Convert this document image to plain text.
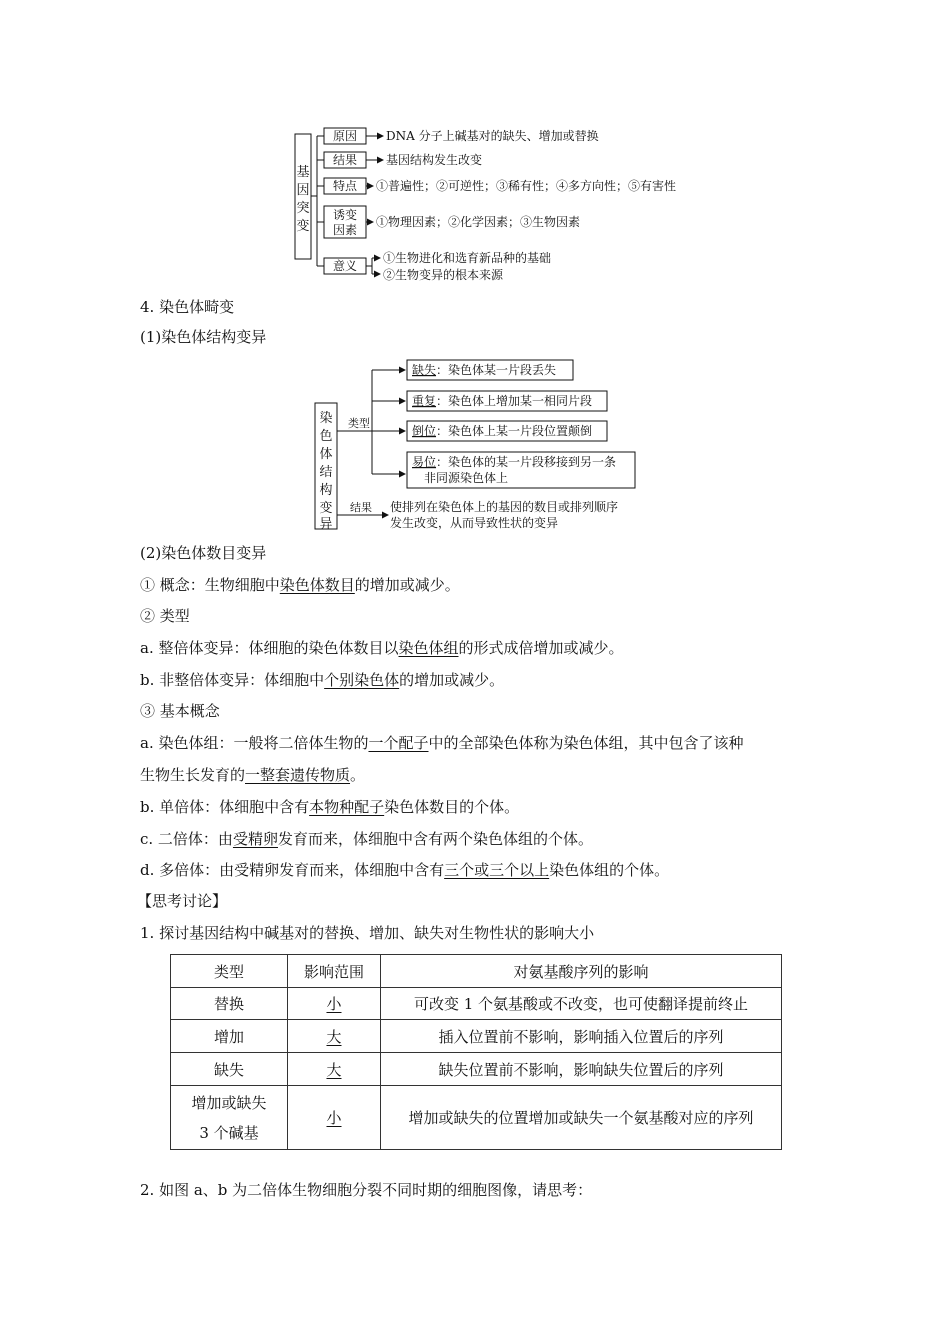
基
因
突
变
原因 DNA 分子上碱基对的缺失、增加或替换
结果 基因结构发生改变
特点 ①普遍性；②可逆性；③稀有性；④多方向性；⑤有害性
诱变
因素
①物理因素；②化学因素；③生物因素
意义
①生物进化和选育新品种的基础
②生物变异的根本来源
4. 染色体畸变
(1)染色体结构变异
染
色
体
结
构
变
异
类型
缺失：染色体某一片段丢失
重复：染色体上增加某一相同片段
倒位：染色体上某一片段位置颠倒
易位：染色体的某一片段移接到另一条
非同源染色体上
结果 使排列在染色体上的基因的数目或排列顺序
发生改变，从而导致性状的变异
(2)染色体数目变异
① 概念：生物细胞中染色体数目的增加或减少。
② 类型
a. 整倍体变异：体细胞的染色体数目以染色体组的形式成倍增加或减少。
b. 非整倍体变异：体细胞中个别染色体的增加或减少。
③ 基本概念
a. 染色体组：一般将二倍体生物的一个配子中的全部染色体称为染色体组，其中包含了该种
生物生长发育的一整套遗传物质。
b. 单倍体：体细胞中含有本物种配子染色体数目的个体。
c. 二倍体：由受精卵发育而来，体细胞中含有两个染色体组的个体。
d. 多倍体：由受精卵发育而来，体细胞中含有三个或三个以上染色体组的个体。
【思考讨论】
1. 探讨基因结构中碱基对的替换、增加、缺失对生物性状的影响大小
类型	影响范围	对氨基酸序列的影响
替换	小	可改变 1 个氨基酸或不改变，也可使翻译提前终止
增加	大	插入位置前不影响，影响插入位置后的序列
缺失	大	缺失位置前不影响，影响缺失位置后的序列

增加或缺失
3 个碱基	小	增加或缺失的位置增加或缺失一个氨基酸对应的序列
2. 如图 a、b 为二倍体生物细胞分裂不同时期的细胞图像，请思考：
